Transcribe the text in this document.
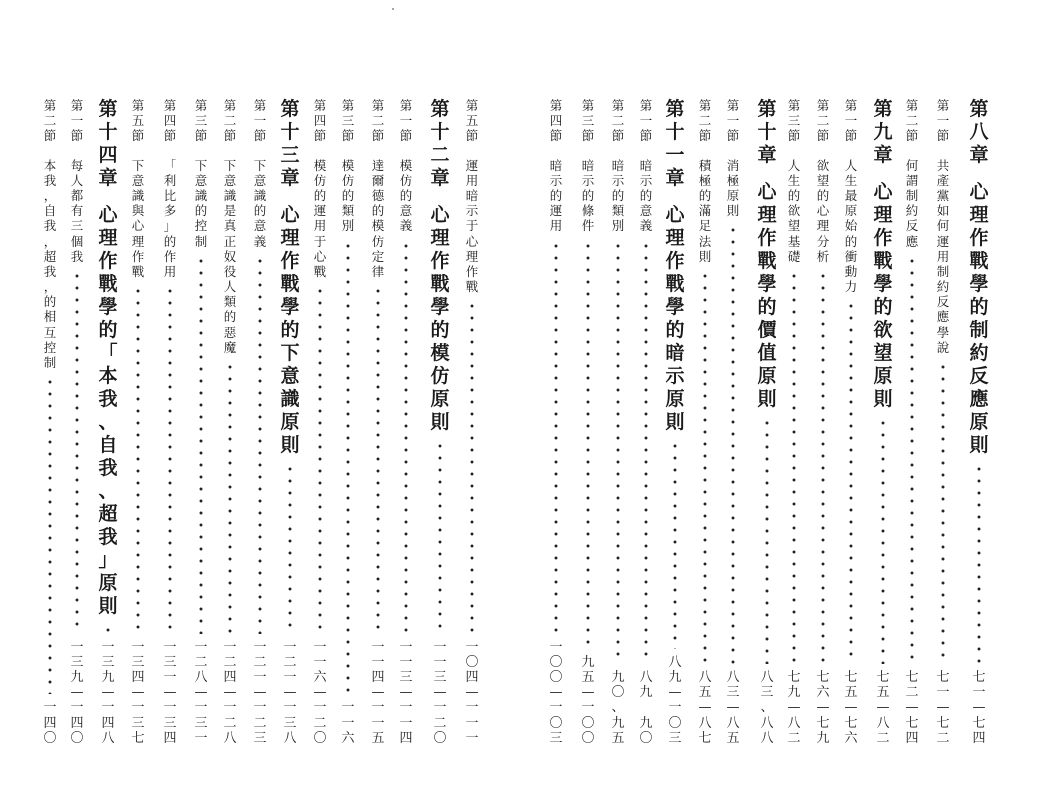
第
八
章
心
理
作
戰
學
的
制
約
反
應
原
則
七
一
—
七
四
第
一
節
共
產
黨
如
何
運
用
制
約
反
應
學
說
七
一
—
七
二
第
二
節
何
謂
制
約
反
應
七
二
—
七
四
第
九
章
心
理
作
戰
學
的
欲
望
原
則
七
五
—
八
二
第
一
節
人
生
最
原
始
的
衝
動
力
七
五
—
七
六
第
二
節
欲
望
的
心
理
分
析
七
六
—
七
九
第
三
節
人
生
的
欲
望
基
礎
七
九
—
八
二
第
十
章
心
理
作
戰
學
的
價
值
原
則
八
三
、
八
八
第
一
節
消
極
原
則
八
三
—
八
五
第
二
節
積
極
的
滿
足
法
則
八
五
—
八
七
第
十
一
章
心
理
作
戰
學
的
暗
示
原
則
八
九
—
一
〇
三
第
一
節
暗
示
的
意
義
八
九

九
〇
第
二
節
暗
示
的
類
別
九
〇
、
九
五
第
三
節
暗
示
的
條
件
九
五
—
一
〇
〇
第
四
節
暗
示
的
運
用
一
〇
〇
—
一
〇
三
第
五
節
運
用
暗
示
于
心
理
作
戰
一
〇
四
—
一
一
一
第
十
二
章
心
理
作
戰
學
的
模
仿
原
則
一
一
三
—
一
二
〇
第
一
節
模
仿
的
意
義
一
一
三
—
一
一
四
第
二
節
達
爾
德
的
模
仿
定
律
一
一
四
—
一
一
五
第
三
節
模
仿
的
類
別
一
一
六
第
四
節
模
仿
的
運
用
于
心
戰
一
一
六
—
一
二
〇
第
十
三
章
心
理
作
戰
學
的
下
意
識
原
則
一
二
一
—
一
三
八
第
一
節
下
意
識
的
意
義
一
二
一
—
一
二
三
第
二
節
下
意
識
是
真
正
奴
役
人
類
的
惡
魔
一
二
四
—
一
二
八
第
三
節
下
意
識
的
控
制
一
二
八
—
一
三
一
第
四
節
「
利
比
多
」
的
作
用
一
三
一
—
一
三
四
第
五
節
下
意
識
與
心
理
作
戰
一
三
四
—
一
三
七
第
十
四
章
心
理
作
戰
學
的
「
本
我
、
自
我
、
超
我
」
原
則
一
三
九
—
一
四
八
第
一
節
每
人
都
有
三
個
我
一
三
九
—
一
四
〇
第
二
節
本
我
，
自
我
，
超
我
，
的
相
互
控
制
一
四
〇
